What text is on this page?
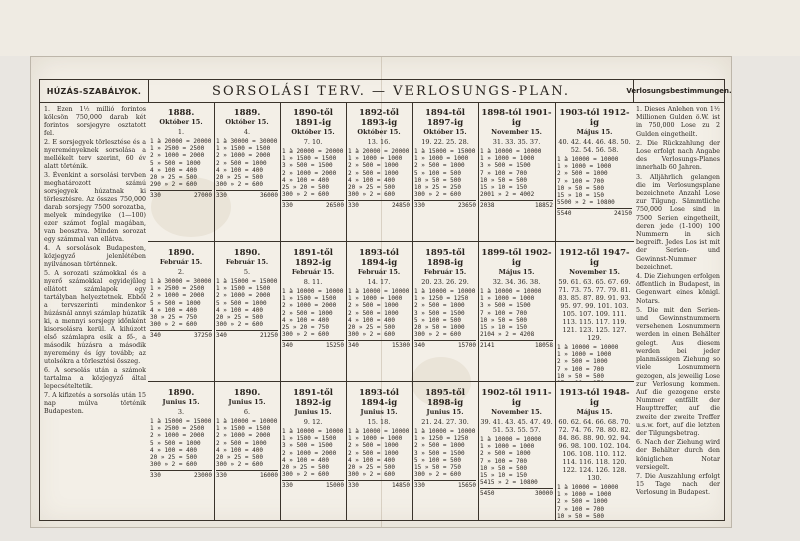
HÚZÁS-SZABÁLYOK.	SORSOLÁSI TERV. — VERLOSUNGS-PLAN.	Verlosungsbestimmungen.

1. Ezen 1½ millió forintos kölcsön 750,000 darab két forintos sorsjegyre osztatott fel.

2. E sorsjegyek törlesztése és a nyereményeknek sorsolása a mellékelt terv szerint, 60 év alatt történik.

3. Évenkint a sorsolási tervben meghatározott számú sorsjegyek húzatnak ki törlesztésre. Az összes 750,000 darab sorsjegy 7500 sorozatba, melyek mindegyike (1—100) ezer számot foglal magában, van beosztva. Minden sorozat egy számmal van ellátva.

4. A sorsolások Budapesten, közjegyző jelenlétében nyilvánosan történnek.

5. A sorozati számokkal és a nyerő számokkal egyidejűleg ellátott számlapok egy tartályban helyeztetnek. Ebből a tervszerinti mindenkor húzásnál annyi számlap húzatik ki, a mennyi sorsjegy időnként kisorsolásra kerül. A kihúzott első számlapra esik a fő-, a második húzásra a második nyeremény és így tovább; az utolsókra a törlesztési összeg.

6. A sorsolás után a számok tartalma a közjegyző által lepecsételtetik.

7. A kifizetés a sorsolás után 15 nap múlva történik Budapesten.

1. Dieses Anlehen von 1½ Millionen Gulden ö.W. ist in 750,000 Lose zu 2 Gulden eingetheilt.

2. Die Rückzahlung der Lose erfolgt nach Angabe des Verlosungs-Planes innerhalb 60 Jahren.

3. Alljährlich gelangen die im Verlosungsplane bezeichnete Anzahl Lose zur Tilgung. Sämmtliche 750,000 Lose sind in 7500 Serien eingetheilt, deren jede (1-100) 100 Nummern in sich begreift. Jedes Los ist mit der Serien- und Gewinnst-Nummer bezeichnet.

4. Die Ziehungen erfolgen öffentlich in Budapest, in Gegenwart eines königl. Notars.

5. Die mit den Serien- und Gewinnstnummern versehenen Losnummern werden in einen Behälter gelegt. Aus diesem werden bei jeder planmässigen Ziehung so viele Losnummern gezogen, als jeweilig Lose zur Verlosung kommen. Auf die gezogene erste Nummer entfällt der Haupttreffer, auf die zweite der zweite Treffer u.s.w. fort, auf die letzten der Tilgungsbetrag.

6. Nach der Ziehung wird der Behälter durch den königlichen Notar versiegelt.

7. Die Auszahlung erfolgt 15 Tage nach der Verlosung in Budapest.

1888.
Október 15.
1.
1 à 20000 = 20000
1 » 2500 = 2500
2 » 1000 = 2000
5 » 500 = 1000
4 » 100 = 400
20 » 25 = 500
290 » 2 = 600
330	27000
1890.
Február 15.
2.
1 à 30000 = 30000
1 » 2500 = 2500
2 » 1000 = 2000
5 » 500 = 1000
4 » 100 = 400
30 » 25 = 750
300 » 2 = 600
340	37250
1890.
Junius 15.
3.
1 à 15000 = 15000
1 » 2500 = 2500
2 » 1000 = 2000
5 » 500 = 1000
4 » 100 = 400
20 » 25 = 500
300 » 2 = 600
330	23000
1889.
Október 15.
4.
1 à 30000 = 30000
1 » 1500 = 1500
2 » 1000 = 2000
2 » 500 = 1000
4 » 100 = 400
20 » 25 = 500
300 » 2 = 600
330	36000
1890.
Február 15.
5.
1 à 15000 = 15000
1 » 1500 = 1500
2 » 1000 = 2000
5 » 500 = 1000
4 » 100 = 400
20 » 25 = 500
300 » 2 = 600
340	21250
1890.
Junius 15.
6.
1 à 10000 = 10000
1 » 1500 = 1500
2 » 1000 = 2000
2 » 500 = 1000
4 » 100 = 400
20 » 25 = 500
300 » 2 = 600
330	16000
1890-től 1891-ig
Október 15.
7. 10.
1 à 20000 = 20000
1 » 1500 = 1500
3 » 500 = 1500
2 » 1000 = 2000
4 » 100 = 400
25 » 20 = 500
300 » 2 = 600
330	26500
1891-től 1892-ig
Február 15.
8. 11.
1 à 10000 = 10000
1 » 1500 = 1500
2 » 1000 = 2000
2 » 500 = 1000
4 » 100 = 400
25 » 20 = 750
300 » 2 = 600
340	15250
1891-től 1892-ig
Junius 15.
9. 12.
1 à 10000 = 10000
1 » 1500 = 1500
3 » 500 = 1500
2 » 1000 = 2000
4 » 100 = 400
20 » 25 = 500
300 » 2 = 600
330	15000
1892-től 1893-ig
Október 15.
13. 16.
1 à 20000 = 20000
1 » 1000 = 1000
2 » 500 = 1000
2 » 500 = 1000
4 » 100 = 400
20 » 25 = 500
300 » 2 = 600
330	24850
1893-tól 1894-ig
Február 15.
14. 17.
1 à 10000 = 10000
1 » 1000 = 1000
2 » 500 = 1000
2 » 500 = 1000
4 » 100 = 400
20 » 25 = 500
300 » 2 = 600
340	15300
1893-tól 1894-ig
Junius 15.
15. 18.
1 à 10000 = 10000
1 » 1000 = 1000
2 » 500 = 1000
2 » 500 = 1000
4 » 100 = 400
20 » 25 = 500
300 » 2 = 600
330	14850
1894-től 1897-ig
Október 15.
19. 22. 25. 28.
1 à 15000 = 15000
1 » 1000 = 1000
2 » 500 = 1000
5 » 100 = 500
10 » 50 = 500
10 » 25 = 250
300 » 2 = 600
330	23650
1895-től 1898-ig
Február 15.
20. 23. 26. 29.
1 à 10000 = 10000
1 » 1250 = 1250
2 » 500 = 1000
3 » 500 = 1500
5 » 100 = 500
20 » 50 = 1000
300 » 2 = 600
340	15700
1895-től 1898-ig
Junius 15.
21. 24. 27. 30.
1 à 10000 = 10000
1 » 1250 = 1250
2 » 500 = 1000
3 » 500 = 1500
5 » 100 = 500
15 » 50 = 750
300 » 2 = 600
330	15650
1898-tól 1901-ig
November 15.
31. 33. 35. 37.
1 à 10000 = 10000
1 » 1000 = 1000
3 » 500 = 1500
7 » 100 = 700
10 » 50 = 500
15 » 10 = 150
2001 » 2 = 4002
2038	18852
1899-től 1902-ig
Május 15.
32. 34. 36. 38.
1 à 10000 = 10000
1 » 1000 = 1000
3 » 500 = 1500
7 » 100 = 700
10 » 50 = 500
15 » 10 = 150
2104 » 2 = 4208
2141	18058
1902-től 1911-ig
November 15.
39. 41. 43. 45. 47. 49. 51. 53. 55. 57.
1 à 10000 = 10000
1 » 1000 = 1000
2 » 500 = 1000
7 » 100 = 700
10 » 50 = 500
15 » 10 = 150
5415 » 2 = 10800
5450	30000
1903-tól 1912-ig
Május 15.
40. 42. 44. 46. 48. 50. 52. 54. 56. 58.
1 à 10000 = 10000
1 » 1000 = 1000
2 » 500 = 1000
7 » 100 = 700
10 » 50 = 500
15 » 10 = 150
5500 » 2 = 10800
5540	24150
1912-től 1947-ig
November 15.
59. 61. 63. 65. 67. 69. 71. 73. 75. 77. 79. 81. 83. 85. 87. 89. 91. 93. 95. 97. 99. 101. 103. 105. 107. 109. 111. 113. 115. 117. 119. 121. 123. 125. 127. 129.
1 à 10000 = 10000
1 » 1000 = 1000
2 » 500 = 1000
7 » 100 = 700
10 » 50 = 500
1913-tól 1948-ig
Május 15.
60. 62. 64. 66. 68. 70. 72. 74. 76. 78. 80. 82. 84. 86. 88. 90. 92. 94. 96. 98. 100. 102. 104. 106. 108. 110. 112. 114. 116. 118. 120. 122. 124. 126. 128. 130.
1 à 10000 = 10000
1 » 1000 = 1000
2 » 500 = 1000
7 » 100 = 700
10 » 50 = 500
